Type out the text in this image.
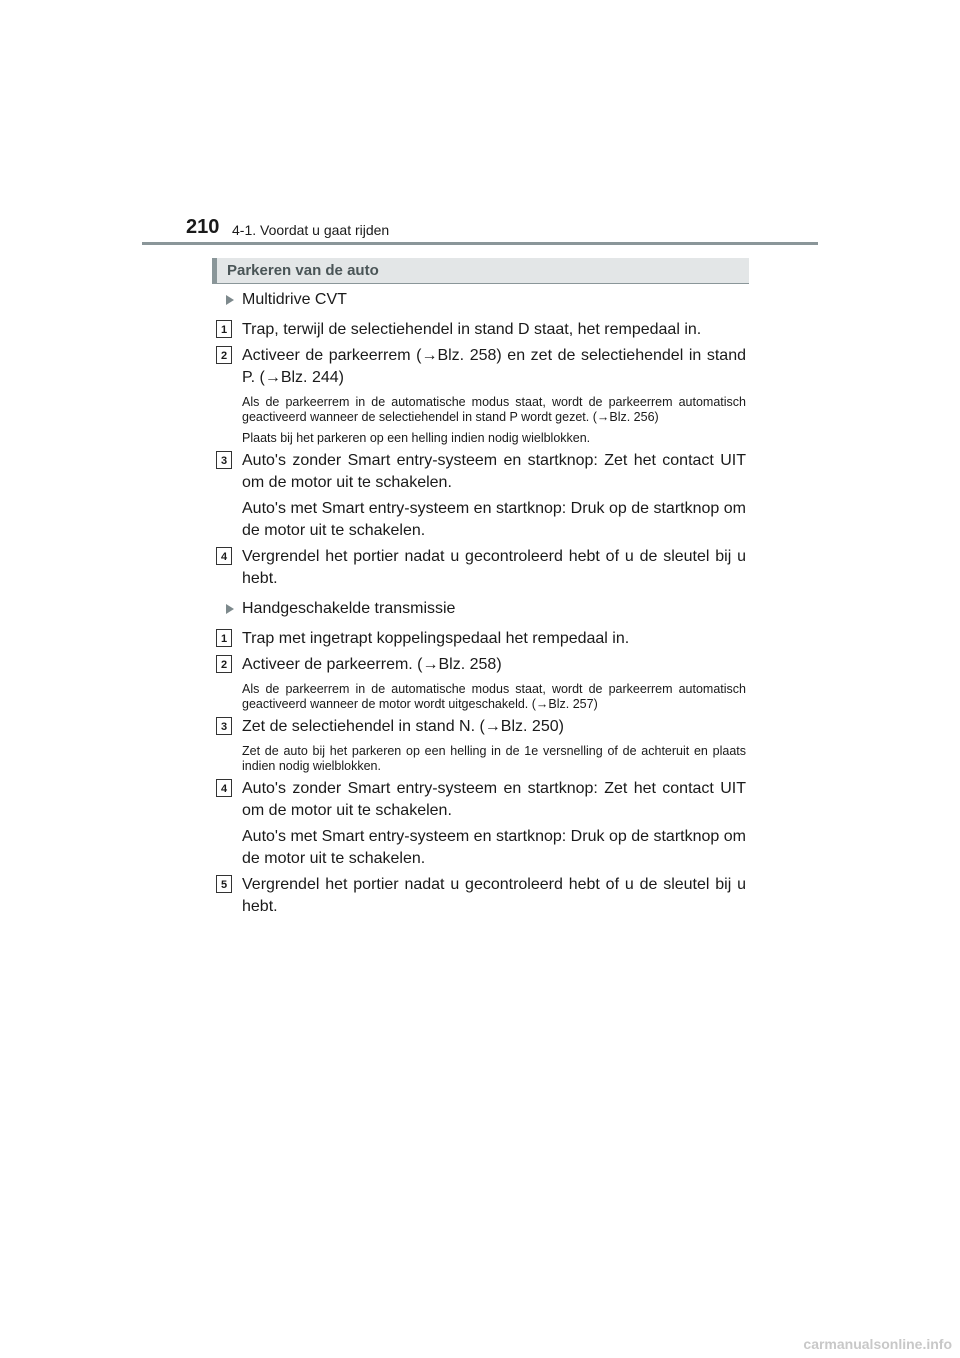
210 4-1. Voordat u gaat rijden
Parkeren van de auto
Multidrive CVT
1 Trap, terwijl de selectiehendel in stand D staat, het rempedaal in.

2 Activeer de parkeerrem (→Blz. 258) en zet de selectiehendel in stand P. (→Blz. 244)

Als de parkeerrem in de automatische modus staat, wordt de parkeerrem automatisch geactiveerd wanneer de selectiehendel in stand P wordt gezet. (→Blz. 256)

Plaats bij het parkeren op een helling indien nodig wielblokken.

3 Auto's zonder Smart entry-systeem en startknop: Zet het contact UIT om de motor uit te schakelen.

Auto's met Smart entry-systeem en startknop: Druk op de startknop om de motor uit te schakelen.

4 Vergrendel het portier nadat u gecontroleerd hebt of u de sleutel bij u hebt.

Handgeschakelde transmissie
1 Trap met ingetrapt koppelingspedaal het rempedaal in.

2 Activeer de parkeerrem. (→Blz. 258)

Als de parkeerrem in de automatische modus staat, wordt de parkeerrem automatisch geactiveerd wanneer de motor wordt uitgeschakeld. (→Blz. 257)

3 Zet de selectiehendel in stand N. (→Blz. 250)

Zet de auto bij het parkeren op een helling in de 1e versnelling of de achteruit en plaats indien nodig wielblokken.

4 Auto's zonder Smart entry-systeem en startknop: Zet het contact UIT om de motor uit te schakelen.

Auto's met Smart entry-systeem en startknop: Druk op de startknop om de motor uit te schakelen.

5 Vergrendel het portier nadat u gecontroleerd hebt of u de sleutel bij u hebt.

carmanualsonline.info
